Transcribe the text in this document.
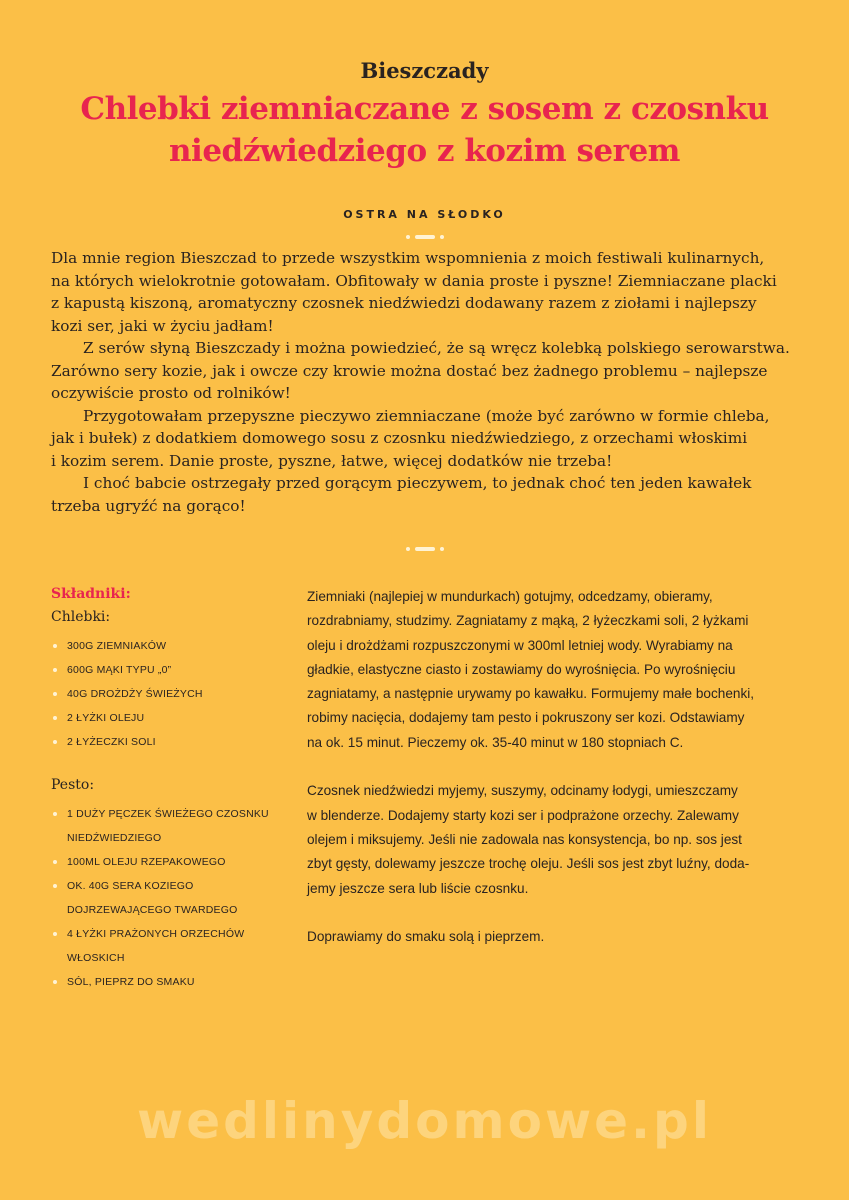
Bieszczady
Chlebki ziemniaczane z sosem z czosnku
niedźwiedziego z kozim serem
OSTRA NA SŁODKO
Dla mnie region Bieszczad to przede wszystkim wspomnienia z moich festiwali kulinarnych,
na których wielokrotnie gotowałam. Obfitowały w dania proste i pyszne! Ziemniaczane placki
z kapustą kiszoną, aromatyczny czosnek niedźwiedzi dodawany razem z ziołami i najlepszy
kozi ser, jaki w życiu jadłam!
Z serów słyną Bieszczady i można powiedzieć, że są wręcz kolebką polskiego serowarstwa.
Zarówno sery kozie, jak i owcze czy krowie można dostać bez żadnego problemu – najlepsze
oczywiście prosto od rolników!
Przygotowałam przepyszne pieczywo ziemniaczane (może być zarówno w formie chleba,
jak i bułek) z dodatkiem domowego sosu z czosnku niedźwiedziego, z orzechami włoskimi
i kozim serem. Danie proste, pyszne, łatwe, więcej dodatków nie trzeba!
I choć babcie ostrzegały przed gorącym pieczywem, to jednak choć ten jeden kawałek
trzeba ugryźć na gorąco!
Składniki:
Chlebki:
300G ZIEMNIAKÓW
600G MĄKI TYPU „0”
40G DROŻDŻY ŚWIEŻYCH
2 ŁYŻKI OLEJU
2 ŁYŻECZKI SOLI
Pesto:
1 DUŻY PĘCZEK ŚWIEŻEGO CZOSNKU
NIEDŹWIEDZIEGO
100ML OLEJU RZEPAKOWEGO
OK. 40G SERA KOZIEGO
DOJRZEWAJĄCEGO TWARDEGO
4 ŁYŻKI PRAŻONYCH ORZECHÓW
WŁOSKICH
SÓL, PIEPRZ DO SMAKU

Ziemniaki (najlepiej w mundurkach) gotujmy, odcedzamy, obieramy,
rozdrabniamy, studzimy. Zagniatamy z mąką, 2 łyżeczkami soli, 2 łyżkami
oleju i drożdżami rozpuszczonymi w 300ml letniej wody. Wyrabiamy na
gładkie, elastyczne ciasto i zostawiamy do wyrośnięcia. Po wyrośnięciu
zagniatamy, a następnie urywamy po kawałku. Formujemy małe bochenki,
robimy nacięcia, dodajemy tam pesto i pokruszony ser kozi. Odstawiamy
na ok. 15 minut. Pieczemy ok. 35-40 minut w 180 stopniach C.

Czosnek niedźwiedzi myjemy, suszymy, odcinamy łodygi, umieszczamy
w blenderze. Dodajemy starty kozi ser i podprażone orzechy. Zalewamy
olejem i miksujemy. Jeśli nie zadowala nas konsystencja, bo np. sos jest
zbyt gęsty, dolewamy jeszcze trochę oleju. Jeśli sos jest zbyt luźny, doda-
jemy jeszcze sera lub liście czosnku.

Doprawiamy do smaku solą i pieprzem.

wedlinydomowe.pl
